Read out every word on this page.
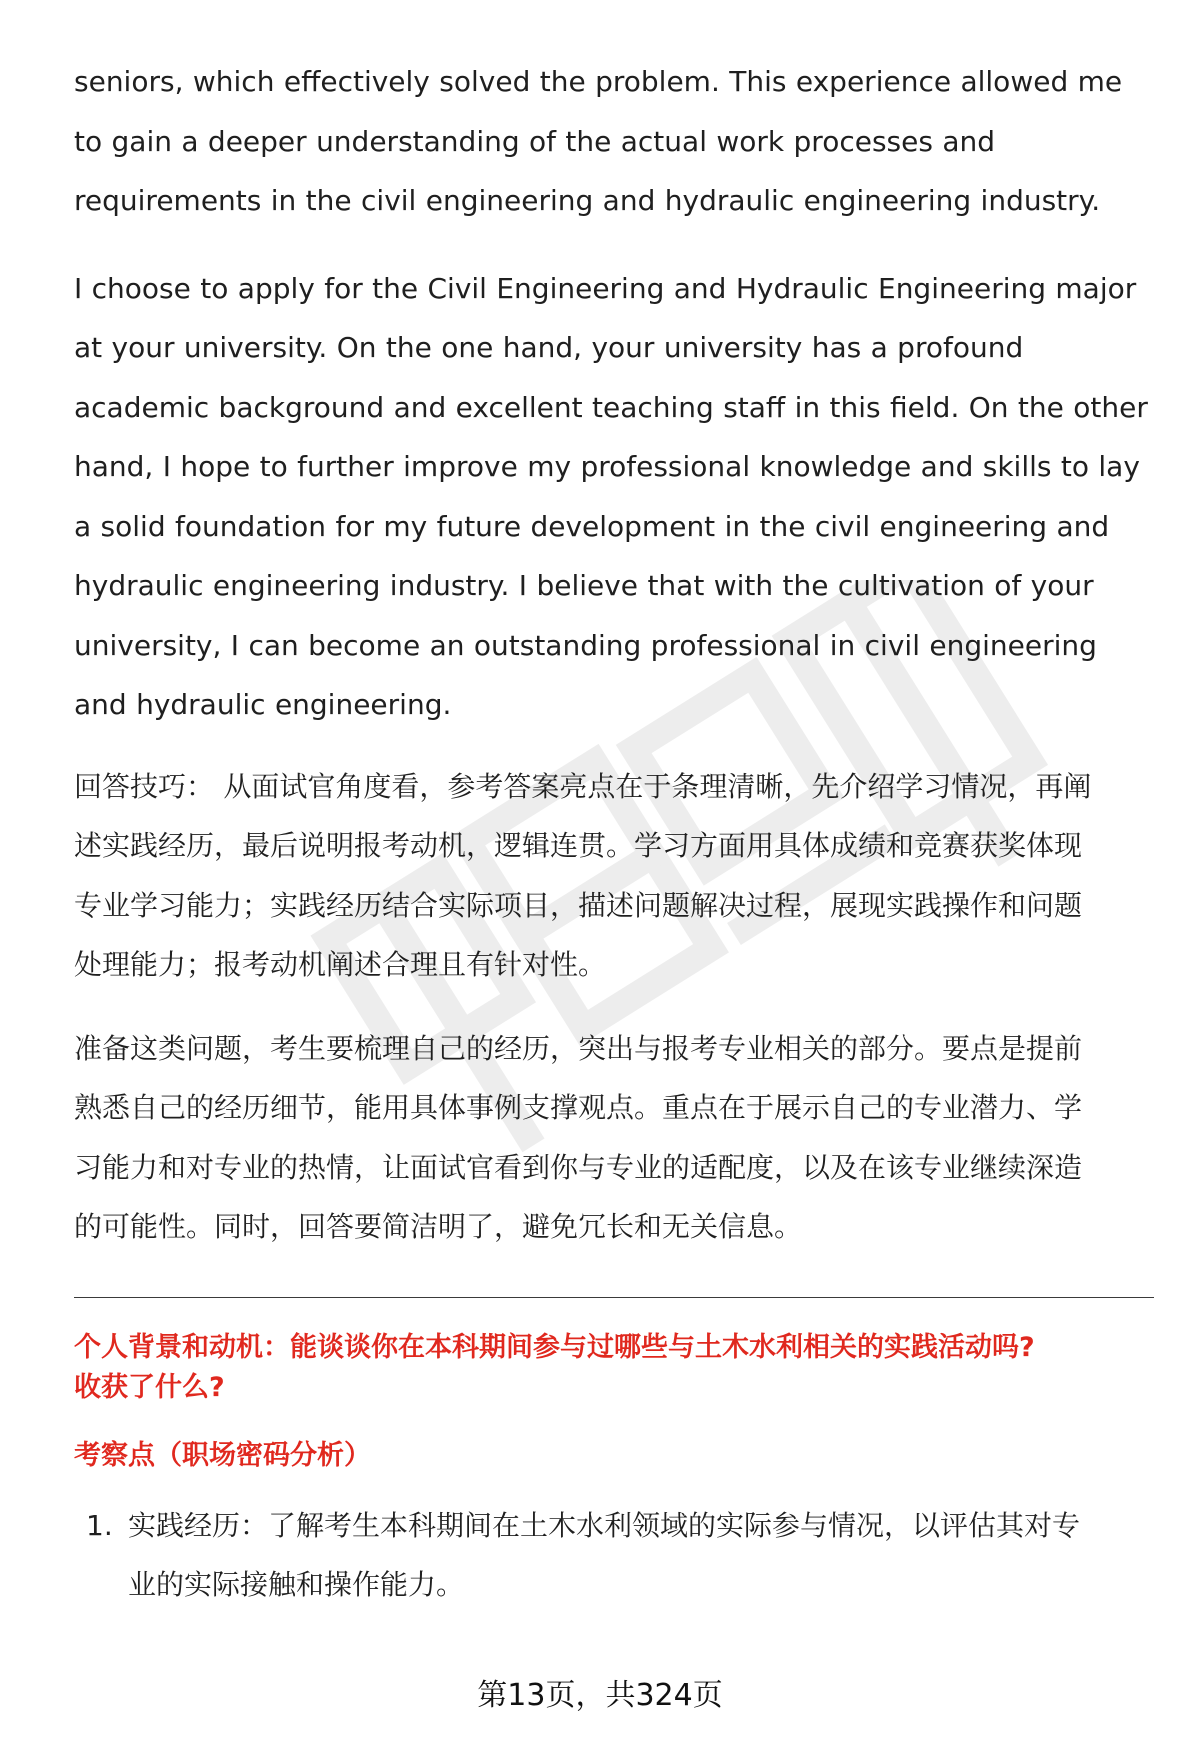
seniors, which effectively solved the problem. This experience allowed me
to gain a deeper understanding of the actual work processes and
requirements in the civil engineering and hydraulic engineering industry.

I choose to apply for the Civil Engineering and Hydraulic Engineering major
at your university. On the one hand, your university has a profound
academic background and excellent teaching staff in this field. On the other
hand, I hope to further improve my professional knowledge and skills to lay
a solid foundation for my future development in the civil engineering and
hydraulic engineering industry. I believe that with the cultivation of your
university, I can become an outstanding professional in civil engineering
and hydraulic engineering.

回答技巧： 从面试官角度看，参考答案亮点在于条理清晰，先介绍学习情况，再阐
述实践经历，最后说明报考动机，逻辑连贯。学习方面用具体成绩和竞赛获奖体现
专业学习能力；实践经历结合实际项目，描述问题解决过程，展现实践操作和问题
处理能力；报考动机阐述合理且有针对性。

准备这类问题，考生要梳理自己的经历，突出与报考专业相关的部分。要点是提前
熟悉自己的经历细节，能用具体事例支撑观点。重点在于展示自己的专业潜力、学
习能力和对专业的热情，让面试官看到你与专业的适配度，以及在该专业继续深造
的可能性。同时，回答要简洁明了，避免冗长和无关信息。

个人背景和动机：能谈谈你在本科期间参与过哪些与土木水利相关的实践活动吗?
收获了什么?
考察点（职场密码分析）
1. 实践经历：了解考生本科期间在土木水利领域的实际参与情况，以评估其对专
业的实际接触和操作能力。
第13页，共324页
